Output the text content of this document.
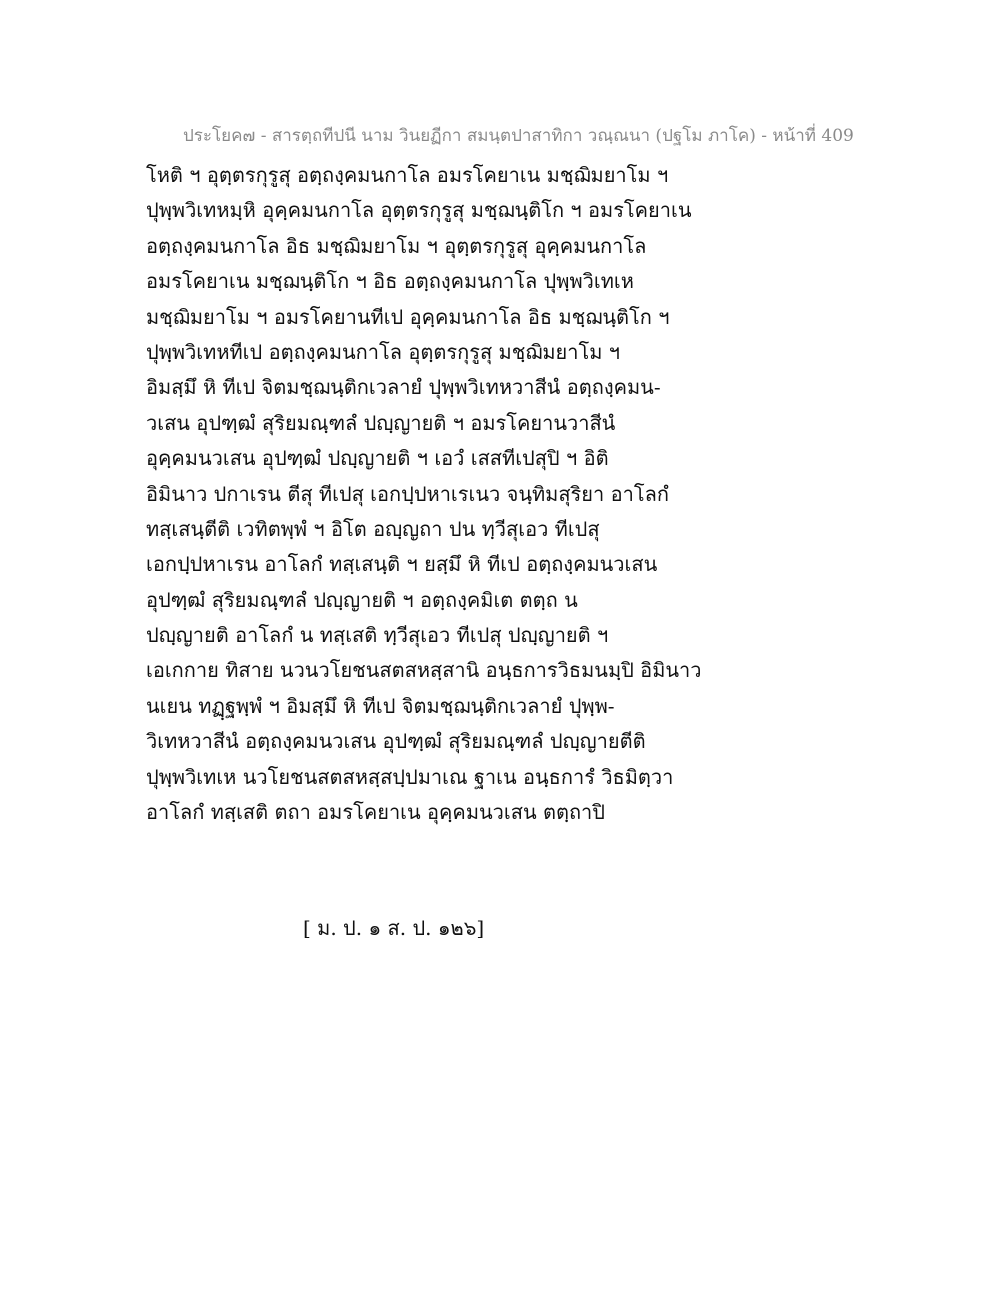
ประโยค๗ - สารตฺถทีปนี นาม วินยฏีกา สมนฺตปาสาทิกา วณฺณนา (ปฐโม ภาโค) - หน้าที่ 409
โหติ ฯ อุตฺตรกุรูสุ อตฺถงฺคมนกาโล อมรโคยาเน มชฺฌิมยาโม ฯ
ปุพฺพวิเทหมฺหิ อุคฺคมนกาโล อุตฺตรกุรูสุ มชฺฌนฺติโก ฯ อมรโคยาเน
อตฺถงฺคมนกาโล อิธ มชฺฌิมยาโม ฯ อุตฺตรกุรูสุ อุคฺคมนกาโล
อมรโคยาเน มชฺฌนฺติโก ฯ อิธ อตฺถงฺคมนกาโล ปุพฺพวิเทเห
มชฺฌิมยาโม ฯ อมรโคยานทีเป อุคฺคมนกาโล อิธ มชฺฌนฺติโก ฯ
ปุพฺพวิเทหทีเป อตฺถงฺคมนกาโล อุตฺตรกุรูสุ มชฺฌิมยาโม ฯ
อิมสฺมึ หิ ทีเป จิตมชฺฌนฺติกเวลายํ ปุพฺพวิเทหวาสีนํ อตฺถงฺคมน-
วเสน อุปฑฺฒํ สุริยมณฺฑลํ ปญฺญายติ ฯ อมรโคยานวาสีนํ
อุคฺคมนวเสน อุปฑฺฒํ ปญฺญายติ ฯ เอวํ เสสทีเปสุปิ ฯ อิติ
อิมินาว ปกาเรน ตีสุ ทีเปสุ เอกปฺปหาเรเนว จนฺทิมสุริยา อาโลกํ
ทสฺเสนฺตีติ เวทิตพฺพํ ฯ อิโต อญฺญถา ปน ทฺวีสุเอว ทีเปสุ
เอกปฺปหาเรน อาโลกํ ทสฺเสนฺติ ฯ ยสฺมึ หิ ทีเป อตฺถงฺคมนวเสน
อุปฑฺฒํ สุริยมณฺฑลํ ปญฺญายติ ฯ อตฺถงฺคมิเต ตตฺถ น
ปญฺญายติ อาโลกํ น ทสฺเสติ ทฺวีสุเอว ทีเปสุ ปญฺญายติ ฯ
เอเกกาย ทิสาย นวนวโยชนสตสหสฺสานิ อนฺธการวิธมนมฺปิ อิมินาว
นเยน ทฏฺฐพฺพํ ฯ อิมสฺมึ หิ ทีเป จิตมชฺฌนฺติกเวลายํ ปุพฺพ-
วิเทหวาสีนํ อตฺถงฺคมนวเสน อุปฑฺฒํ สุริยมณฺฑลํ ปญฺญายตีติ
ปุพฺพวิเทเห นวโยชนสตสหสฺสปฺปมาเณ ฐาเน อนฺธการํ วิธมิตฺวา
อาโลกํ ทสฺเสติ ตถา อมรโคยาเน อุคฺคมนวเสน ตตฺถาปิ
[ ม. ป. ๑ ส. ป. ๑๒๖]
